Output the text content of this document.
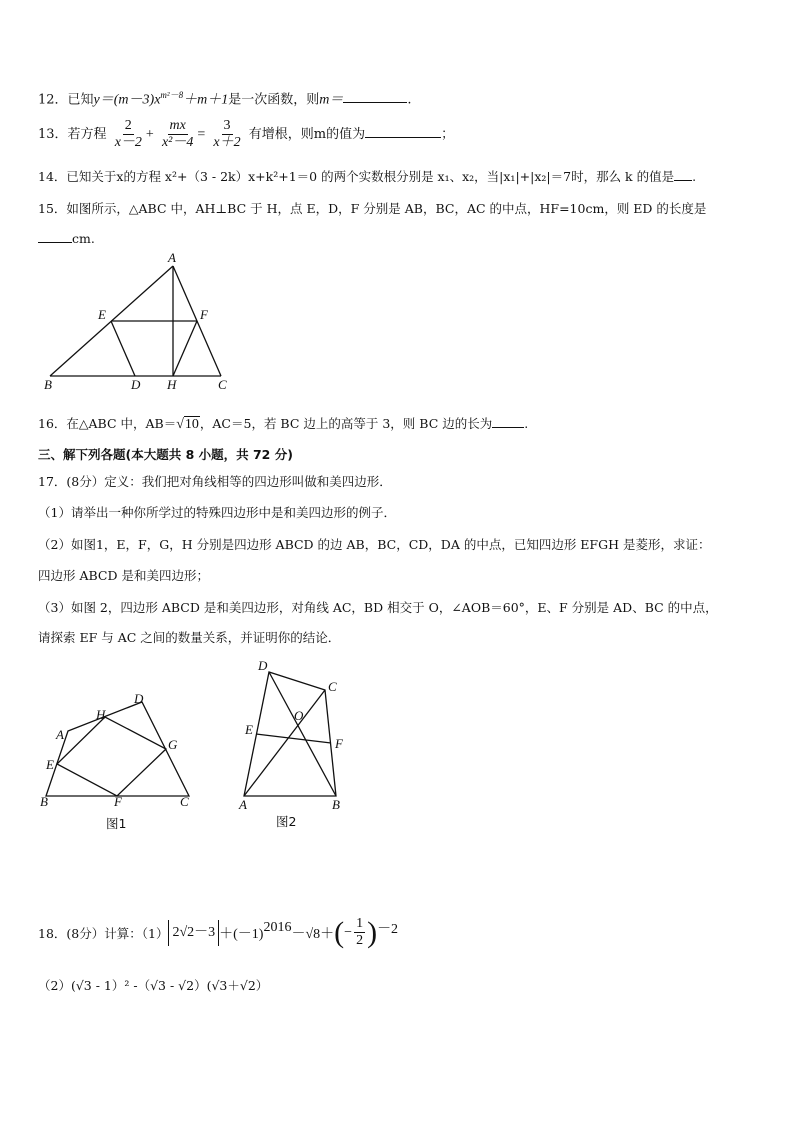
12．已知$y=(m-3)x^{m^2-8}+m+1$是一次函数，则m＝	.
13．若方程 $\frac{2}{x-2} + \frac{mx}{\text{x²－4}} = \frac{3}{x+2}$ 有增根，则m的值为	；
14．已知关于x的方程 x²+（3 - 2k）x+k²+1＝0 的两个实数根分别是 x₁、x₂，当|x₁|+|x₂|＝7时，那么 k 的值是 .
15．如图所示，△ABC 中，AH⊥BC 于 H，点 E，D，F 分别是 AB，BC，AC 的中点，HF=10cm，则 ED 的长度是
cm.
A
B	C
D
E	F
H
16．在△ABC 中，AB＝√10，AC＝5，若 BC 边上的高等于 3，则 BC 边的长为	.
三、解下列各题(本大题共 8 小题，共 72 分)
17．(8分）定义：我们把对角线相等的四边形叫做和美四边形．
（1）请举出一种你所学过的特殊四边形中是和美四边形的例子．
（2）如图1，E，F，G，H 分别是四边形 ABCD 的边 AB，BC，CD，DA 的中点，已知四边形 EFGH 是菱形，求证：
四边形 ABCD 是和美四边形；
（3）如图 2，四边形 ABCD 是和美四边形，对角线 AC，BD 相交于 O，∠AOB＝60°，E、F 分别是 AD、BC 的中点，
请探索 EF 与 AC 之间的数量关系，并证明你的结论．
A
B	C
D
E
F
G
H
图1
D
C
O
E
F
A	B
图2
18．(8分）计算：（1） 2√2－3 ＋(－1) 2016 －√8＋ ( − $\frac{1}{2}$ ) －2
（2）(√3 - 1）² -（√3 - √2）(√3＋√2）
